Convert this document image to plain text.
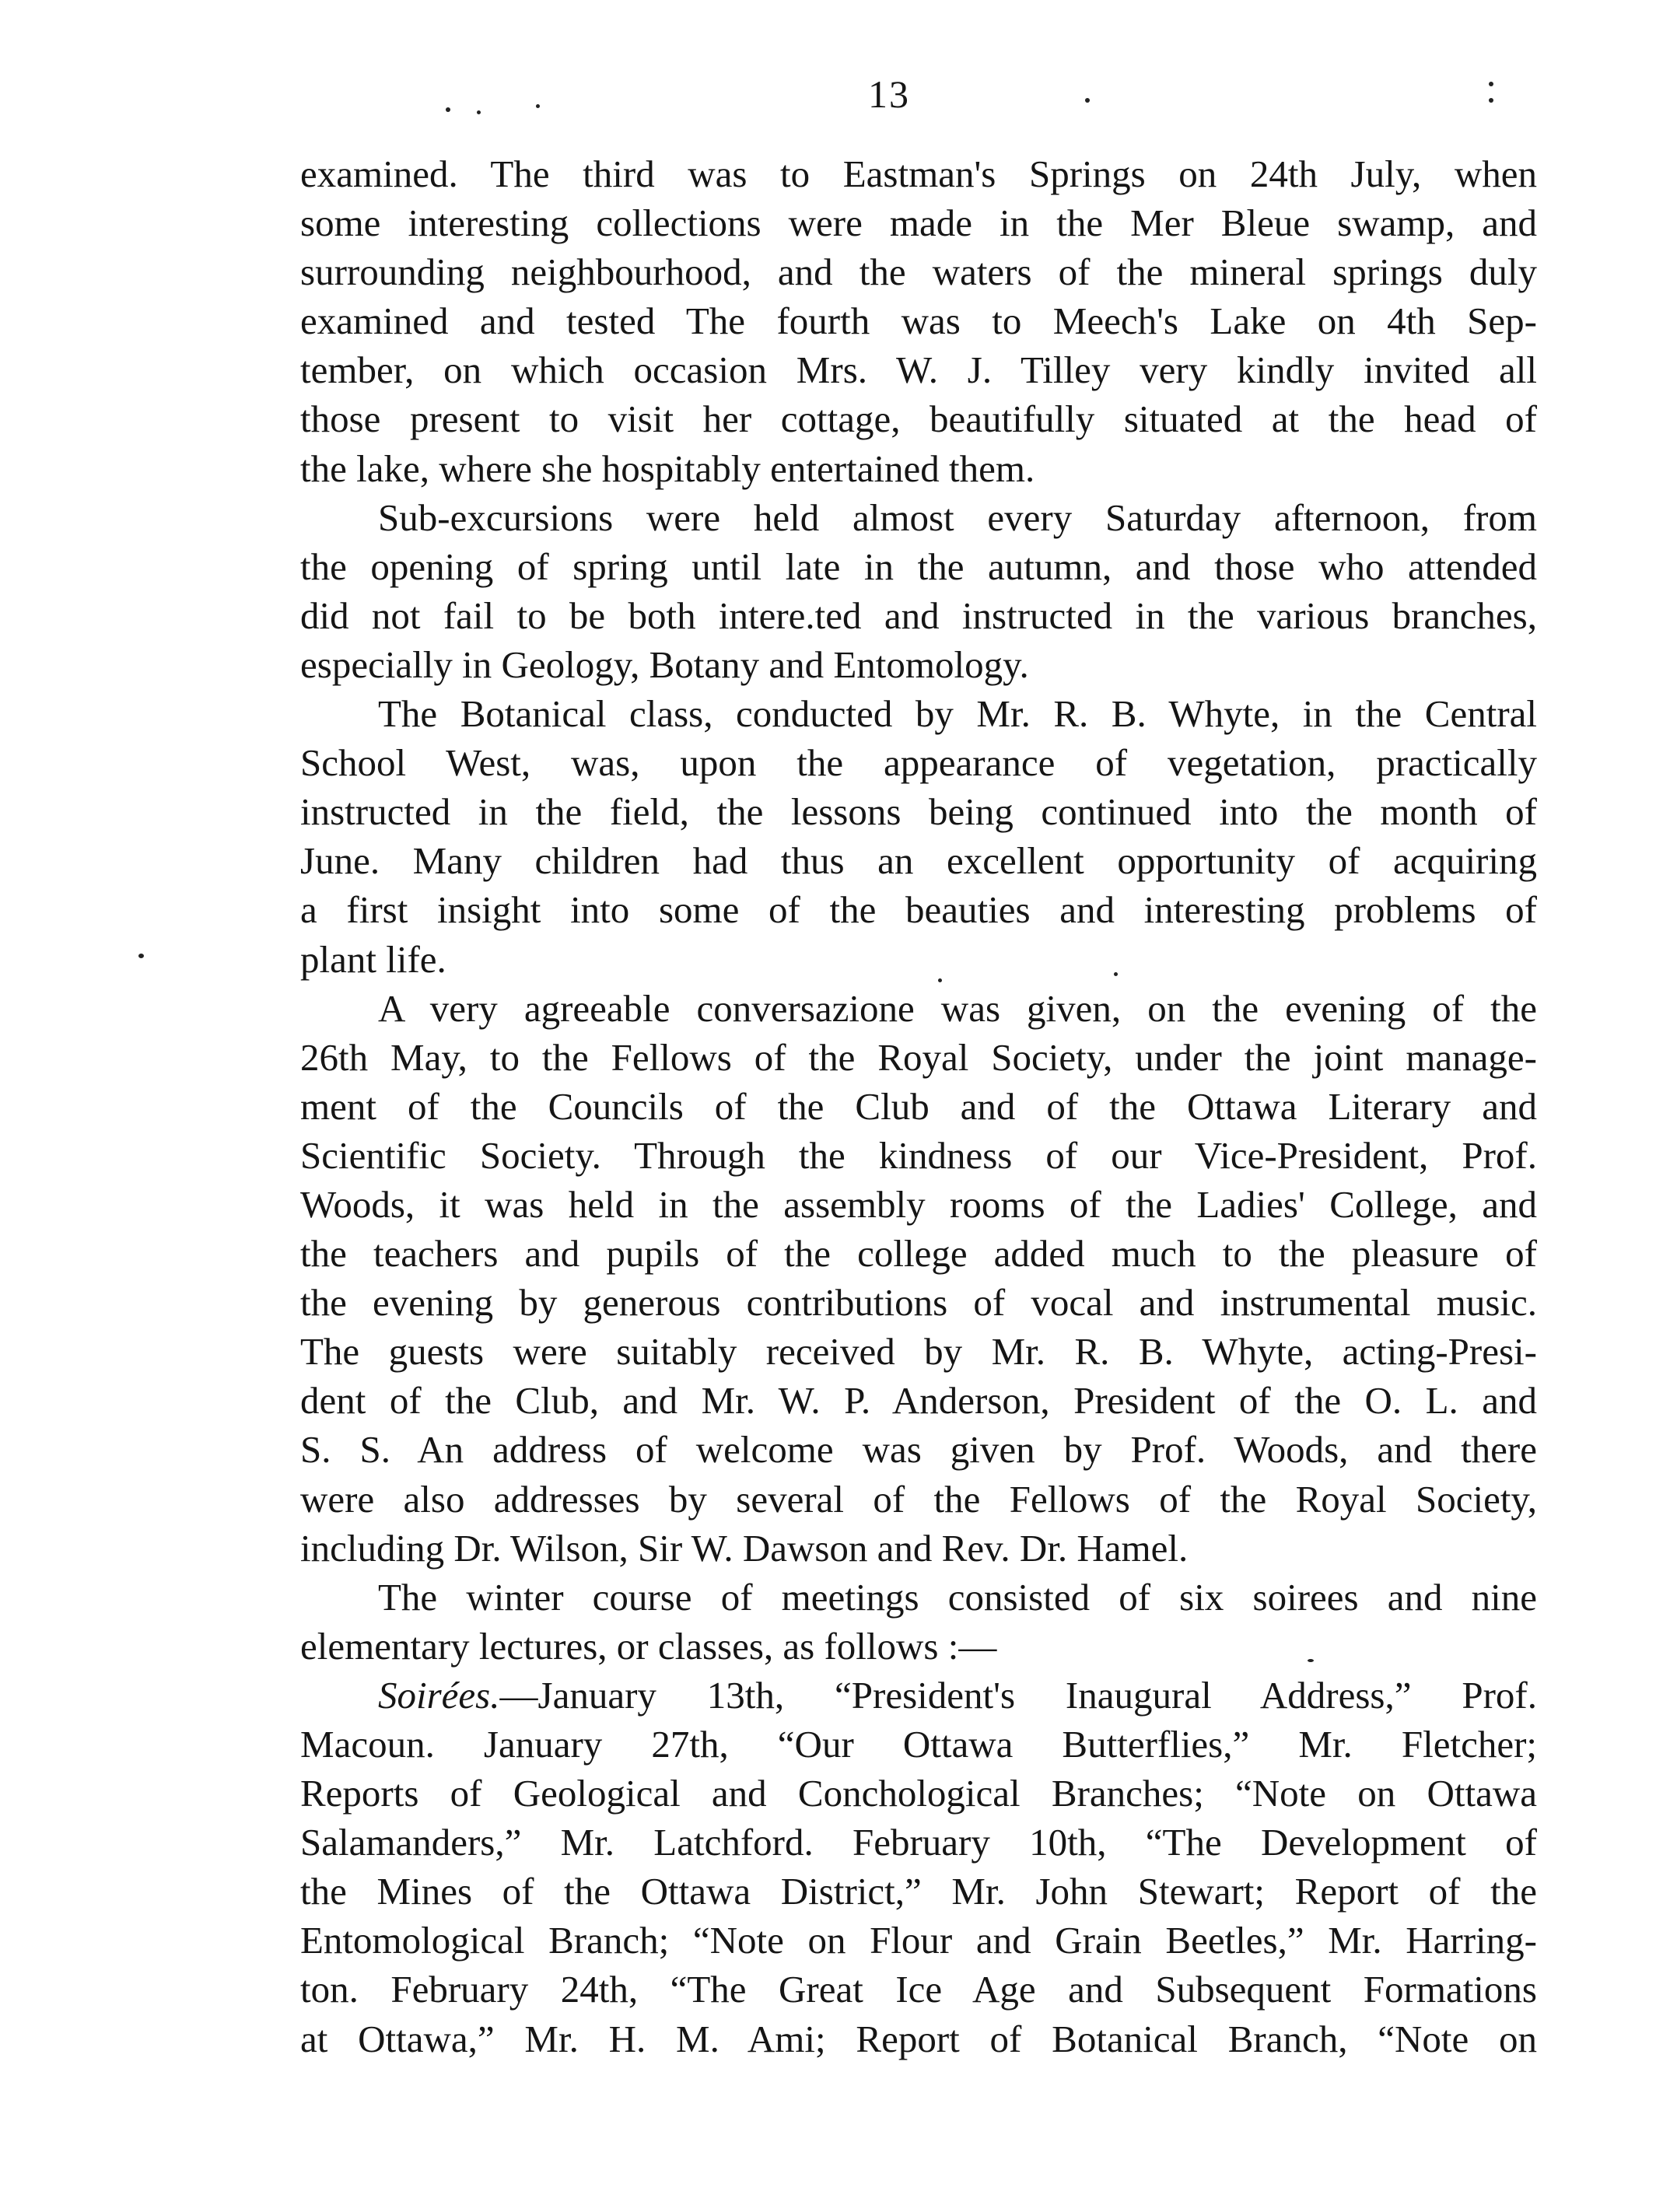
13
examined. The third was to Eastman's Springs on 24th July, when
some interesting collections were made in the Mer Bleue swamp, and
surrounding neighbourhood, and the waters of the mineral springs duly
examined and tested The fourth was to Meech's Lake on 4th Sep-
tember, on which occasion Mrs. W. J. Tilley very kindly invited all
those present to visit her cottage, beautifully situated at the head of
the lake, where she hospitably entertained them.
Sub-excursions were held almost every Saturday afternoon, from
the opening of spring until late in the autumn, and those who attended
did not fail to be both intere.ted and instructed in the various branches,
especially in Geology, Botany and Entomology.
The Botanical class, conducted by Mr. R. B. Whyte, in the Central
School West, was, upon the appearance of vegetation, practically
instructed in the field, the lessons being continued into the month of
June. Many children had thus an excellent opportunity of acquiring
a first insight into some of the beauties and interesting problems of
plant life.
A very agreeable conversazione was given, on the evening of the
26th May, to the Fellows of the Royal Society, under the joint manage-
ment of the Councils of the Club and of the Ottawa Literary and
Scientific Society. Through the kindness of our Vice-President, Prof.
Woods, it was held in the assembly rooms of the Ladies' College, and
the teachers and pupils of the college added much to the pleasure of
the evening by generous contributions of vocal and instrumental music.
The guests were suitably received by Mr. R. B. Whyte, acting-Presi-
dent of the Club, and Mr. W. P. Anderson, President of the O. L. and
S. S. An address of welcome was given by Prof. Woods, and there
were also addresses by several of the Fellows of the Royal Society,
including Dr. Wilson, Sir W. Dawson and Rev. Dr. Hamel.
The winter course of meetings consisted of six soirees and nine
elementary lectures, or classes, as follows :—
Soirées.—January 13th, “President's Inaugural Address,” Prof.
Macoun. January 27th, “Our Ottawa Butterflies,” Mr. Fletcher;
Reports of Geological and Conchological Branches; “Note on Ottawa
Salamanders,” Mr. Latchford. February 10th, “The Development of
the Mines of the Ottawa District,” Mr. John Stewart; Report of the
Entomological Branch; “Note on Flour and Grain Beetles,” Mr. Harring-
ton. February 24th, “The Great Ice Age and Subsequent Formations
at Ottawa,” Mr. H. M. Ami; Report of Botanical Branch, “Note on
